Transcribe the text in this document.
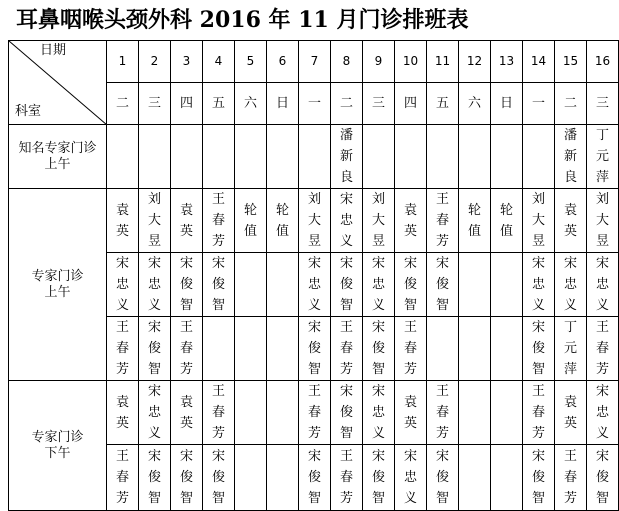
耳鼻咽喉头颈外科 2016 年 11 月门诊排班表
日期
科室	1	2	3	4	5	6	7	8	9	10	11	12	13	14	15	16
	二	三	四	五	六	日	一	二	三	四	五	六	日	一	二	三

知名专家门诊
上午								潘新良							潘新良	丁元萍

专家门诊
上午	袁英	刘大昱	袁英	王春芳	轮值	轮值	刘大昱	宋忠义	刘大昱	袁英	王春芳	轮值	轮值	刘大昱	袁英	刘大昱
	宋忠义	宋忠义	宋俊智	宋俊智			宋忠义	宋俊智	宋忠义	宋俊智	宋俊智			宋忠义	宋忠义	宋忠义
	王春芳	宋俊智	王春芳				宋俊智	王春芳	宋俊智	王春芳				宋俊智	丁元萍	王春芳

专家门诊
下午	袁英	宋忠义	袁英	王春芳			王春芳	宋俊智	宋忠义	袁英	王春芳			王春芳	袁英	宋忠义
	王春芳	宋俊智	宋俊智	宋俊智			宋俊智	王春芳	宋俊智	宋忠义	宋俊智			宋俊智	王春芳	宋俊智
